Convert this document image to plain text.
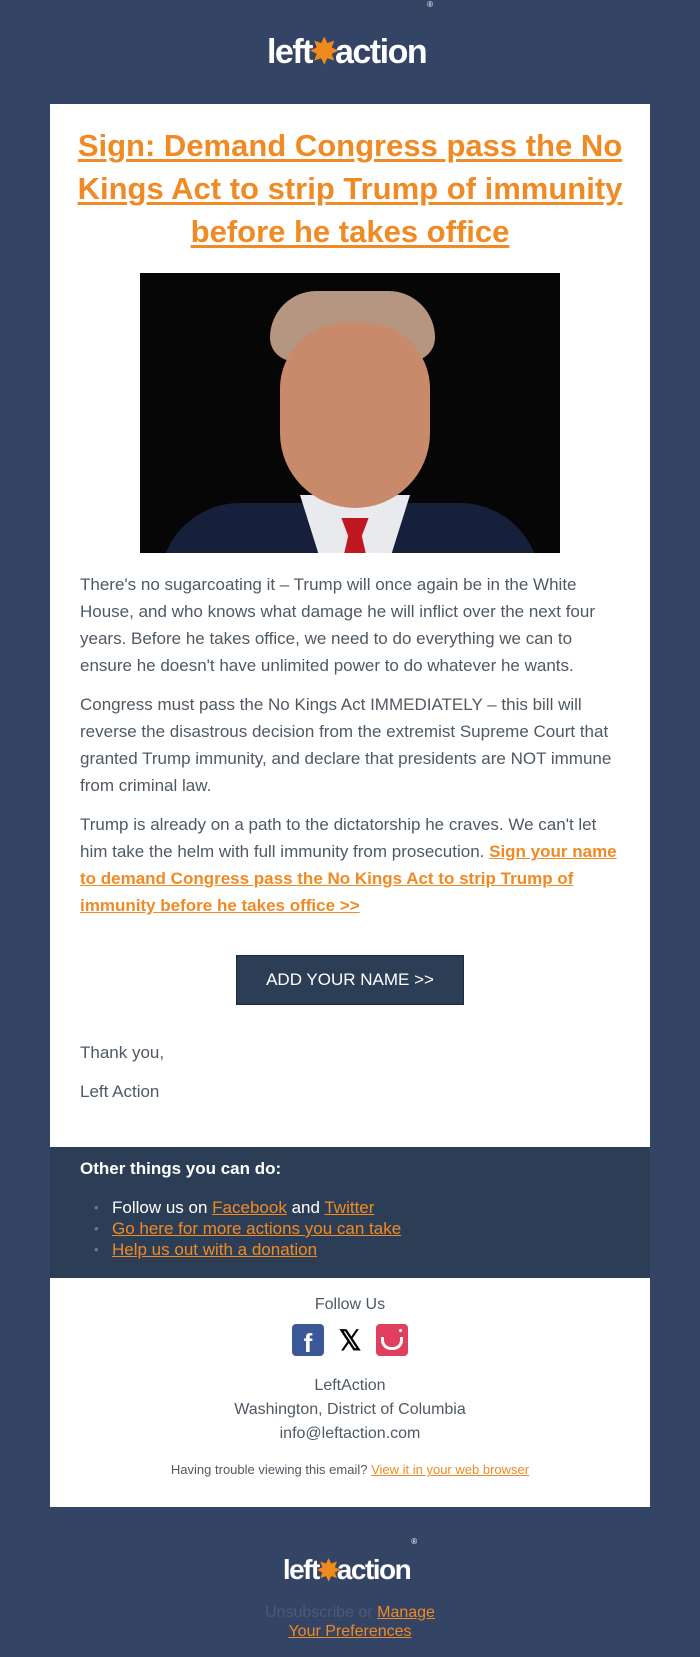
left
✸
action
®
Sign: Demand Congress pass the No Kings Act to strip Trump of immunity before he takes office

There's no sugarcoating it – Trump will once again be in the White House, and who knows what damage he will inflict over the next four years. Before he takes office, we need to do everything we can to ensure he doesn't have unlimited power to do whatever he wants.

Congress must pass the No Kings Act IMMEDIATELY – this bill will reverse the disastrous decision from the extremist Supreme Court that granted Trump immunity, and declare that presidents are NOT immune from criminal law.

Trump is already on a path to the dictatorship he craves. We can't let him take the helm with full immunity from prosecution. Sign your name to demand Congress pass the No Kings Act to strip Trump of immunity before he takes office >>

ADD YOUR NAME >>

Thank you,

Left Action

Other things you can do:
• Follow us on Facebook and Twitter
• Go here for more actions you can take
• Help us out with a donation
Follow Us
f 𝕏
LeftAction
Washington, District of Columbia
info@leftaction.com
Having trouble viewing this email? View it in your web browser
left
✸
action
®
Unsubscribe or Manage Your Preferences
